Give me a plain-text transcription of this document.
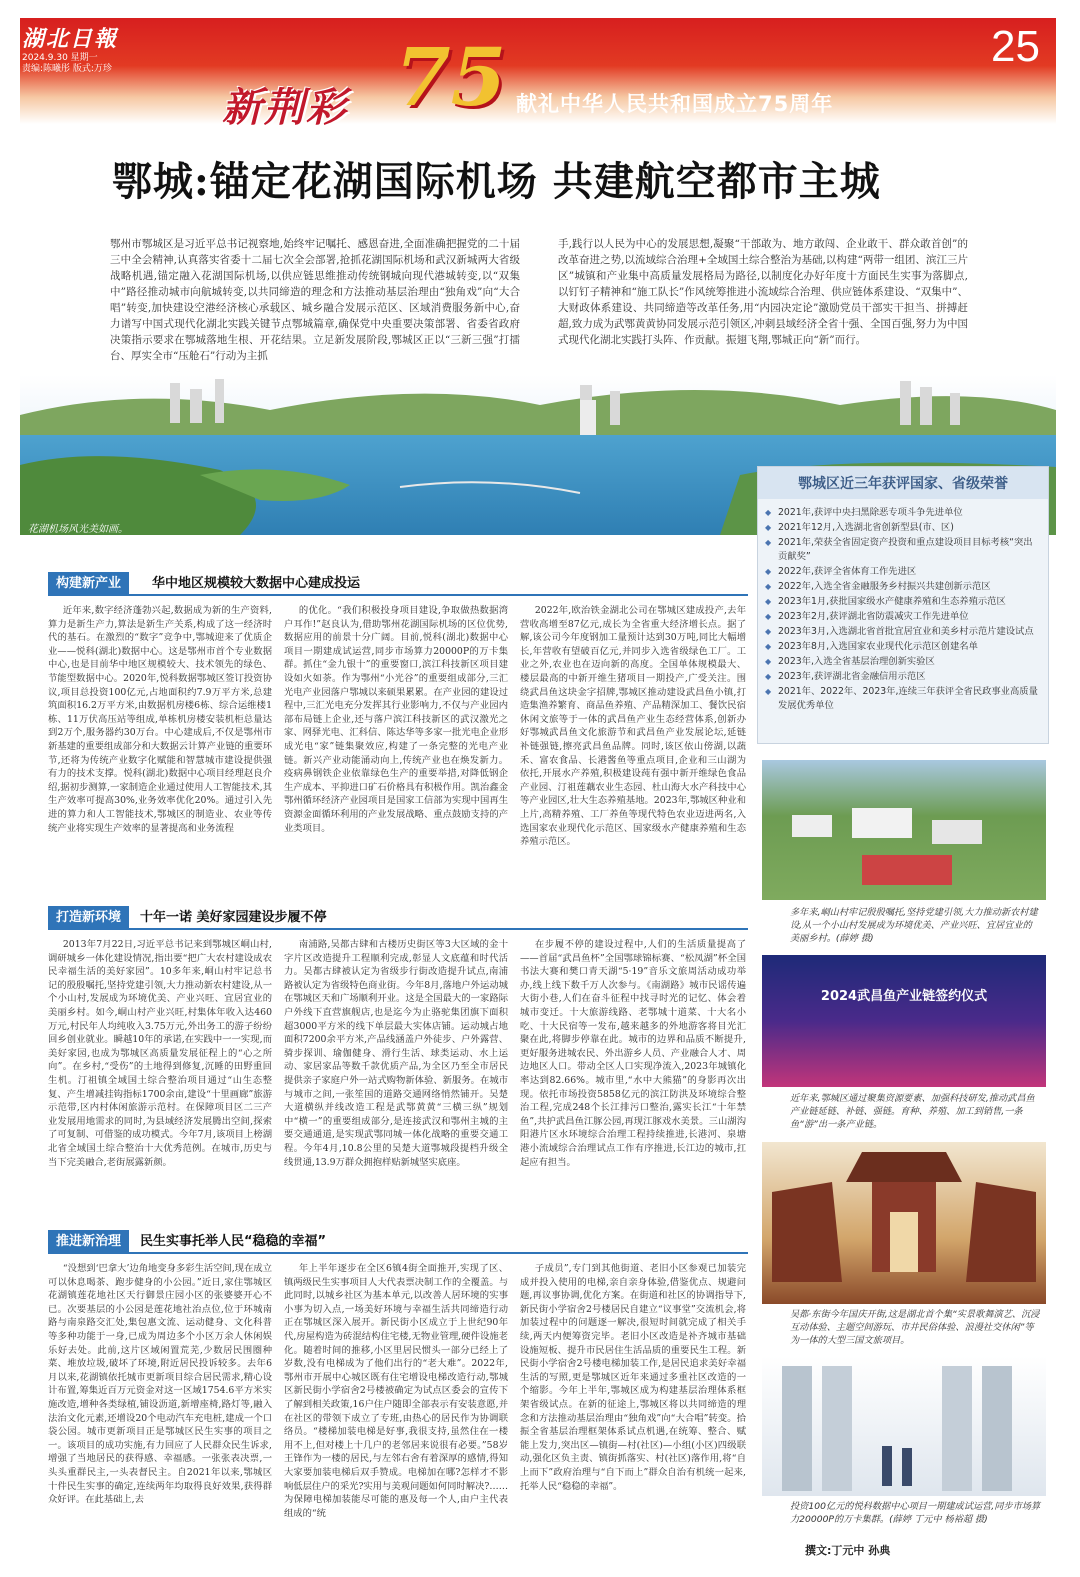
湖北日報
2024.9.30 星期一
责编:陈曦彤 版式:万珍	25
75
新荆彩	献礼中华人民共和国成立75周年
鄂城:锚定花湖国际机场 共建航空都市主城
鄂州市鄂城区是习近平总书记视察地,始终牢记嘱托、感恩奋进,全面准确把握党的二十届三中全会精神,认真落实省委十二届七次全会部署,抢抓花湖国际机场和武汉新城两大省级战略机遇,锚定融入花湖国际机场,以供应链思维推动传统钢城向现代港城转变,以“双集中”路径推动城市向航城转变,以共同缔造的理念和方法推动基层治理由“独角戏”向“大合唱”转变,加快建设空港经济核心承载区、城乡融合发展示范区、区域消费服务新中心,奋力谱写中国式现代化湖北实践关键节点鄂城篇章,确保党中央重要决策部署、省委省政府决策指示要求在鄂城落地生根、开花结果。立足新发展阶段,鄂城区正以“三新三强”打擂台、厚实全市“压舱石”行动为主抓
手,践行以人民为中心的发展思想,凝聚“干部敢为、地方敢闯、企业敢干、群众敢首创”的改革奋进之势,以流域综合治理+全域国土综合整治为基础,以构建“两带一组团、滨江三片区”城镇和产业集中高质量发展格局为路径,以制度化办好年度十方面民生实事为落脚点,以钉钉子精神和“施工队长”作风统筹推进小流域综合治理、供应链体系建设、“双集中”、大财政体系建设、共同缔造等改革任务,用“内园决定论”激励党员干部实干担当、拼搏赶超,致力成为武鄂黄黄协同发展示范引领区,冲刺县域经济全省十强、全国百强,努力为中国式现代化湖北实践打头阵、作贡献。振翅飞翔,鄂城正向“新”而行。
花湖机场风光美如画。
鄂城区近三年获评国家、省级荣誉
◆ 2021年,获评中央扫黑除恶专项斗争先进单位
◆ 2021年12月,入选湖北省创新型县(市、区)
◆ 2021年,荣获全省固定资产投资和重点建设项目目标考核“突出贡献奖”
◆ 2022年,获评全省体育工作先进区
◆ 2022年,入选全省金融服务乡村振兴共建创新示范区
◆ 2023年1月,获批国家级水产健康养殖和生态养殖示范区
◆ 2023年2月,获评湖北省防震减灾工作先进单位
◆ 2023年3月,入选湖北省首批宜居宜业和美乡村示范片建设试点
◆ 2023年8月,入选国家农业现代化示范区创建名单
◆ 2023年,入选全省基层治理创新实验区
◆ 2023年,获评湖北省金融信用示范区
◆ 2021年、2022年、2023年,连续三年获评全省民政事业高质量发展优秀单位
构建新产业	华中地区规模较大数据中心建成投运
近年来,数字经济蓬勃兴起,数据成为新的生产资料,算力是新生产力,算法是新生产关系,构成了这一经济时代的基石。在激烈的“数字”竞争中,鄂城迎来了优质企业——悦科(湖北)数据中心。这是鄂州市首个专业数据中心,也是目前华中地区规模较大、技术领先的绿色、节能型数据中心。2020年,悦科数据鄂城区签订投资协议,项目总投资100亿元,占地面积约7.9万平方米,总建筑面积16.2万平方米,由数据机房楼6栋、综合运维楼1栋、11万伏高压站等组成,单栋机房楼安装机柜总量达到2万个,服务器约30万台。中心建成后,不仅是鄂州市新基建的重要组成部分和大数据云计算产业链的重要环节,还将为传统产业数字化赋能和智慧城市建设提供强有力的技术支撑。悦科(湖北)数据中心项目经理赵良介绍,据初步测算,一家制造企业通过使用人工智能技术,其生产效率可提高30%,业务效率优化20%。通过引入先进的算力和人工智能技术,鄂城区的制造业、农业等传统产业将实现生产效率的显著提高和业务流程
的优化。“我们积极投身项目建设,争取做热数据湾户耳作!”赵良认为,借助鄂州花湖国际机场的区位优势,数据应用的前景十分广阔。目前,悦科(湖北)数据中心项目一期建成试运营,同步市场算力20000P的万卡集群。抓住“金九银十”的重要窗口,滨江科技新区项目建设如火如荼。作为鄂州“小光谷”的重要组成部分,三汇光电产业园落户鄂城以来硕果累累。在产业园的建设过程中,三汇光电充分发挥其行业影响力,不仅与产业园内部布局链上企业,还与落户滨江科技新区的武汉激光之家、网驿光电、汇科信、陈达华等多家一批光电企业形成光电“家”链集聚效应,构建了一条完整的光电产业链。新兴产业动能涌动向上,传统产业也在焕发新力。疫病鼻钢铁企业依靠绿色生产的重要举措,对降低钢企生产成本、平抑进口矿石价格具有积极作用。凯治鑫金鄂州循环经济产业园项目是国家工信部为实现中国再生资源金面循环利用的产业发展战略、重点鼓励支持的产业类项目。
2022年,欧治铁金湖北公司在鄂城区建成投产,去年营收高增至87亿元,成长为全省重大经济增长点。据了解,该公司今年度钢加工量预计达到30万吨,同比大幅增长,年营收有望破百亿元,并同步入选省级绿色工厂。工业之外,农业也在迈向新的高度。全国单体规模最大、楼层最高的中新开维生猪项目一期投产,广受关注。围绕武昌鱼这块金字招牌,鄂城区推动建设武昌鱼小镇,打造集渔养繁育、商品鱼养殖、产品精深加工、餐饮民宿休闲文旅等于一体的武昌鱼产业生态经营体系,创新办好鄂城武昌鱼文化旅游节和武昌鱼产业发展论坛,延链补链强链,擦亮武昌鱼品牌。同时,该区依山傍湖,以蔬禾、富农食品、长港酱鱼等重点项目,企业和三山湖为依托,开展水产养殖,积极建设莼有强中新开维绿色食品产业园、汀祖莲藕农业生态园、杜山海大水产科技中心等产业园区,壮大生态养殖基地。2023年,鄂城区种业和上片,高精养殖、工厂养鱼等现代特色农业迈进两名,入选国家农业现代化示范区、国家级水产健康养殖和生态养殖示范区。
打造新环境	十年一诺 美好家园建设步履不停
2013年7月22日,习近平总书记来到鄂城区峒山村,调研城乡一体化建设情况,指出要“把广大农村建设成农民幸福生活的美好家园”。10多年来,峒山村牢记总书记的殷殷嘱托,坚持党建引领,大力推动新农村建设,从一个小山村,发展成为环境优美、产业兴旺、宜居宜业的美丽乡村。如今,峒山村产业兴旺,村集体年收入达460万元,村民年人均纯收入3.75万元,外出务工的游子纷纷回乡创业就业。瞬越10年的承诺,在实践中一一实现,而美好家园,也成为鄂城区高质量发展征程上的“心之所向”。在乡村,“受伤”的土地得到修复,沉睡的田野重回生机。汀祖镇全域国土综合整治项目通过“山生态整复、产生增减挂钩指标1700余亩,建设“十里画廊”旅游示范带,区内村体闲旅游示范村。在保障项目区二三产业发展用地需求的同时,为县域经济发展腾出空间,探索了可复制、可借鉴的成功模式。今年7月,该项目上榜湖北省全域国土综合整治十大优秀范例。在城市,历史与当下完美融合,老街展露新颜。
南浦路,吴都古肆和古楼历史街区等3大区域的金十字片区改造提升工程顺利完成,彰显人文底蕴和时代活力。吴都古肆被认定为省级步行街改造提升试点,南浦路被认定为省级特色商业街。今年8月,落地户外运动城在鄂城区天和广场顺利开业。这是全国最大的一家路际户外线下直营旗舰店,也是迄今为止骆驼集团旗下面积超3000平方米的线下单层最大实体店铺。运动城占地面积7200余平方米,产品线涵盖户外徒步、户外露营、骑步探训、瑜伽健身、滑行生活、球类运动、水上运动、家居家品等数千款优质产品,为全区乃至全市居民提供亲子家庭户外一站式购物新体验、新服务。在城市与城市之间,一张笙国的道路交通网络悄然铺开。吴楚大道横纵并线改造工程是武鄂黄黄“三横三纵”规划中“横一”的重要组成部分,是连接武汉和鄂州主城的主要交通通道,是实现武鄂同城一体化战略的重要交通工程。今年4月,10.8公里的吴楚大道鄂城段提档升级全线贯通,13.9万群众拥抱样贴新城坚实底座。
在步履不停的建设过程中,人们的生活质量提高了——首届“武昌鱼杯”全国鄂球锦标赛、“松凤湖”杯全国书法大赛和樊口青天湖“5·19”音乐文旅周活动成功举办,线上线下数千万人次参与。《南湖路》城市民谣传遍大街小巷,人们在奋斗征程中找寻时光的记忆、体会着城市变迁。十大旅游线路、老鄂城十道菜、十大名小吃、十大民宿等一发布,越来越多的外地游客将目光汇聚在此,将脚步停靠在此。城市的边界和品质不断提升,更好服务进城农民、外出游乡人员、产业融合人才、周边地区人口。带动全区人口实现净流入,2023年城镇化率达到82.66%。城市里,“水中大熊猫”的身影再次出现。依托市场投资5858亿元的滨江防洪及环境综合整治工程,完成248个长江排污口整治,露实长江“十年禁鱼”,共护武昌鱼江豚公园,再现江豚戏水美景。三山湖沟阳港片区水环境综合治理工程持续推进,长港河、泉塘港小流域综合治理试点工作有序推进,长江边的城市,扛起应有担当。
推进新治理	民生实事托举人民“稳稳的幸福”
“没想到‘巴拿大’边角地变身多彩生活空间,现在成立可以休息喝茶、跑步健身的小公园。”近日,家住鄂城区花湖镇莲花地社区天行御景庄园小区的张婆婆开心不已。次要基层的小公园是莲花地社治点位,位于环城南路与南泉路交汇处,集包惠文流、运动健身、文化科普等多种功能于一身,已成为周边多个小区万余人休闲娱乐好去处。此前,这片区域闲置荒芜,少数居民围圈种菜、堆放垃圾,破坏了环境,附近居民投诉较多。去年6月以来,花湖镇依托城市更新项目综合居民需求,精心设计布置,筹集近百万元资金对这一区域1754.6平方米实施改造,增种各类绿植,铺设沥道,新增座椅,路灯等,融入法治文化元素,还增设20个电动汽车充电桩,建成一个口袋公园。城市更新项目正是鄂城区民生实事的项目之一。该项目的成功实施,有力回应了人民群众民生诉求,增强了当地居民的获得感、幸福感。一张张表决票,一头头重群民主,一头表督民主。自2021年以来,鄂城区十件民生实事的确定,连续两年均取得良好效果,获得群众好评。在此基础上,去
年上半年逐步在全区6镇4街全面推开,实现了区、镇两级民生实事项目人大代表票决制工作的全覆盖。与此同时,以城乡社区为基本单元,以改善人居环境的实事小事为切入点,一场美好环境与幸福生活共同缔造行动正在鄂城区深入展开。新民街小区成立于上世纪90年代,房屋构造为砖混结构住宅楼,无物业管理,硬件设施老化。随着时间的推移,小区里居民惯头一部分已经上了岁数,没有电梯成为了他们出行的“老大难”。2022年,鄂州市开展中心城区既有住宅增设电梯改造行动,鄂城区新民街小学宿舍2号楼被确定为试点区委会的宣传下了解到相关政策,16户住户随即全部表示有安装意愿,并在社区的带领下成立了专班,由热心的居民作为协调联络员。“楼梯加装电梯是好事,我很支持,虽然住在一楼用不上,但对楼上十几户的老邻居来说很有必要。”58岁王锋作为一楼的居民,与左邻右舍有着深厚的感情,得知大家要加装电梯后双手赞成。电梯加在哪?怎样才不影响低层住户的采光?实用与美观问题如何同时解决?……为保障电梯加装能尽可能的惠及每一个人,由户主代表组成的“统
子成员”,专门到其他街道、老旧小区参观已加装完成并投入使用的电梯,亲自亲身体验,借鉴优点、规避问题,再议事协调,优化方案。在街道和社区的协调指导下,新民街小学宿舍2号楼居民自建立“议事堂”交流机会,将加装过程中的问题逐一解决,很短时间就完成了相关手续,两天内便筹资完毕。老旧小区改造是补齐城市基础设施短板、提升市民居住生活品质的重要民生工程。新民街小学宿舍2号楼电梯加装工作,是居民追求美好幸福生活的写照,更是鄂城区近年来通过多重社区改造的一个缩影。今年上半年,鄂城区成为构建基层治理体系框架省级试点。在新的征途上,鄂城区将以共同缔造的理念和方法推动基层治理由“独角戏”向“大合唱”转变。拾振全省基层治理框架体系试点机遇,在统筹、整合、赋能上发力,突出区—镇街—村(社区)—小组(小区)四级联动,强化区负主责、镇街抓落实、村(社区)落作用,将“自上而下”政府治理与“自下而上”群众自治有机统一起来,托举人民“稳稳的幸福”。
多年来,峒山村牢记殷殷嘱托,坚持党建引领,大力推动新农村建设,从一个小山村发展成为环境优美、产业兴旺、宜居宜业的美丽乡村。(薛婷 摄)
2024武昌鱼产业链签约仪式
近年来,鄂城区通过聚集资源要素、加强科技研发,推动武昌鱼产业链延链、补链、强链。育种、养殖、加工到销售,一条鱼“游”出一条产业链。
吴都·东街今年国庆开街,这是湖北首个集“实景歌舞演艺、沉浸互动体验、主题空间游玩、市井民俗体验、浪漫社交休闲”等为一体的大型三国文旅项目。
投资100亿元的悦科数据中心项目一期建成试运营,同步市场算力20000P的万卡集群。(薛婷 丁元中 杨裕超 摄)
撰文:丁元中 孙典
